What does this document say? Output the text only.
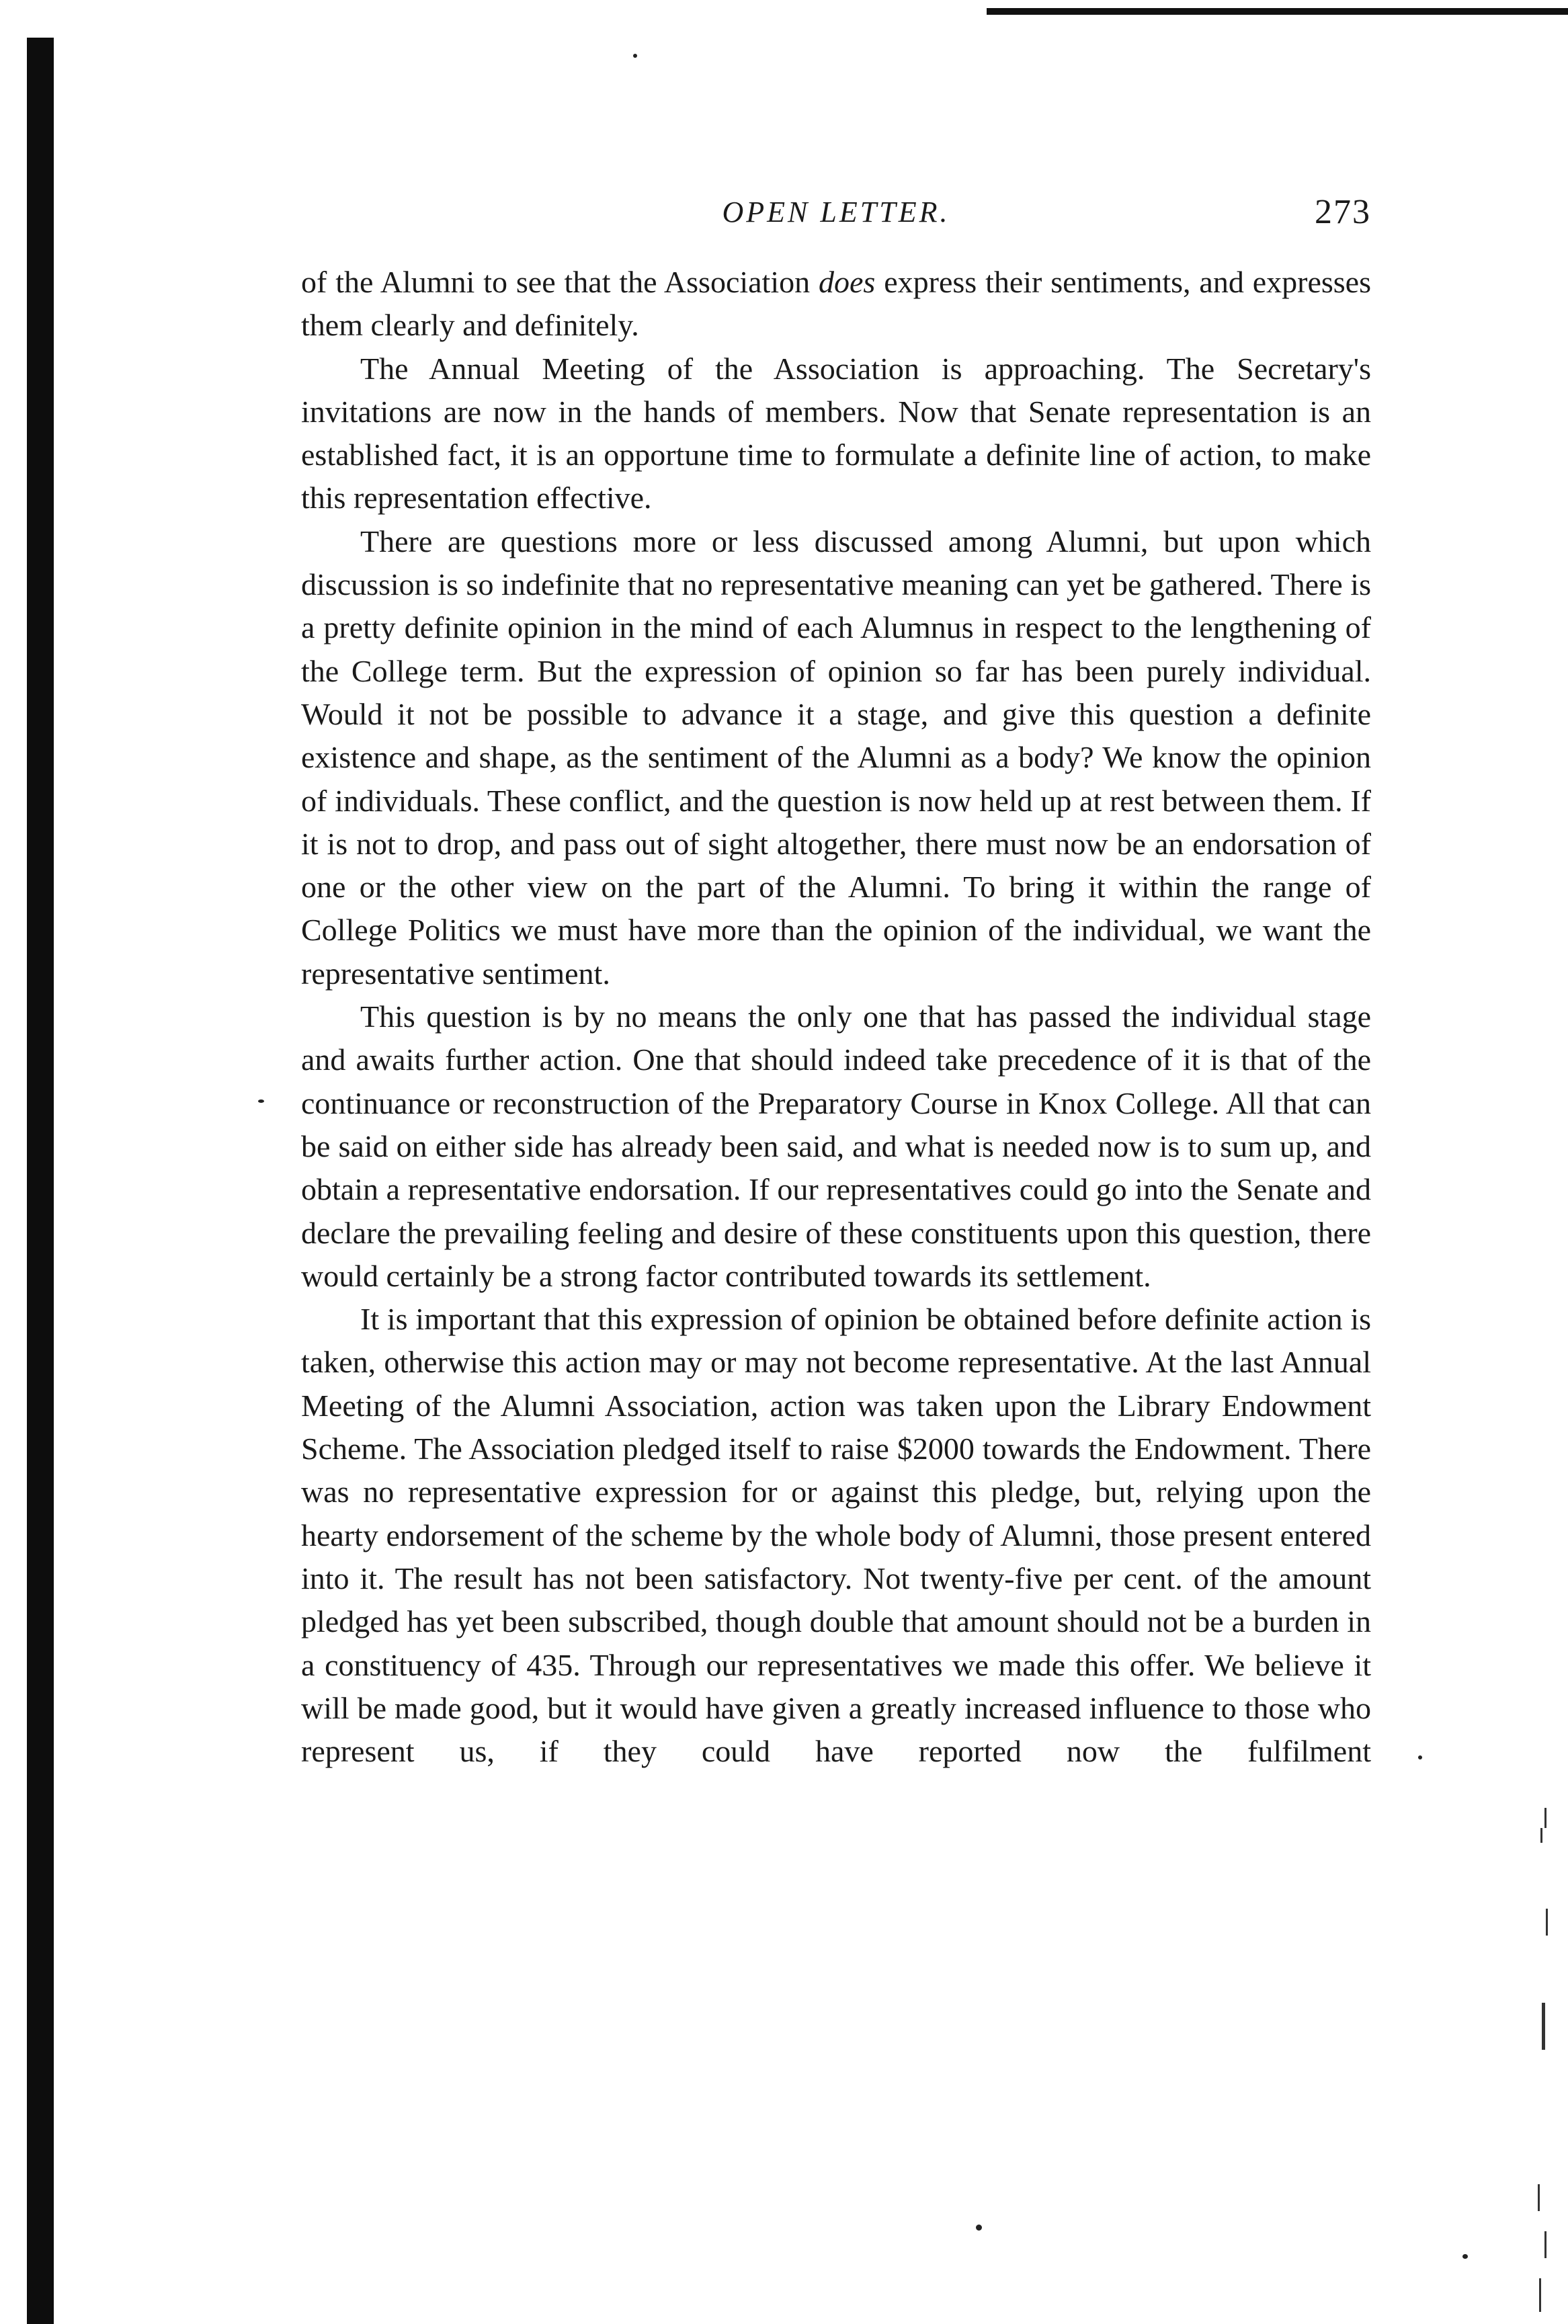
OPEN LETTER.	273

of the Alumni to see that the Association does express their sentiments, and expresses them clearly and definitely.

The Annual Meeting of the Association is approaching. The Secretary's invitations are now in the hands of members. Now that Senate representation is an established fact, it is an opportune time to formulate a definite line of action, to make this representation effective.

There are questions more or less discussed among Alumni, but upon which discussion is so indefinite that no representative meaning can yet be gathered. There is a pretty definite opinion in the mind of each Alumnus in respect to the lengthening of the College term. But the expression of opinion so far has been purely individual. Would it not be possible to advance it a stage, and give this question a definite existence and shape, as the sentiment of the Alumni as a body? We know the opinion of individuals. These conflict, and the question is now held up at rest between them. If it is not to drop, and pass out of sight altogether, there must now be an endorsation of one or the other view on the part of the Alumni. To bring it within the range of College Politics we must have more than the opinion of the individual, we want the representative sentiment.

This question is by no means the only one that has passed the individual stage and awaits further action. One that should indeed take precedence of it is that of the continuance or reconstruction of the Preparatory Course in Knox College. All that can be said on either side has already been said, and what is needed now is to sum up, and obtain a representative endorsation. If our representatives could go into the Senate and declare the prevailing feeling and desire of these constituents upon this question, there would certainly be a strong factor contributed towards its settlement.

It is important that this expression of opinion be obtained before definite action is taken, otherwise this action may or may not become representative. At the last Annual Meeting of the Alumni Association, action was taken upon the Library Endowment Scheme. The Association pledged itself to raise $2000 towards the Endowment. There was no representative expression for or against this pledge, but, relying upon the hearty endorsement of the scheme by the whole body of Alumni, those present entered into it. The result has not been satisfactory. Not twenty-five per cent. of the amount pledged has yet been subscribed, though double that amount should not be a burden in a constituency of 435. Through our representatives we made this offer. We believe it will be made good, but it would have given a greatly increased influence to those who represent us, if they could have reported now the fulfilment
